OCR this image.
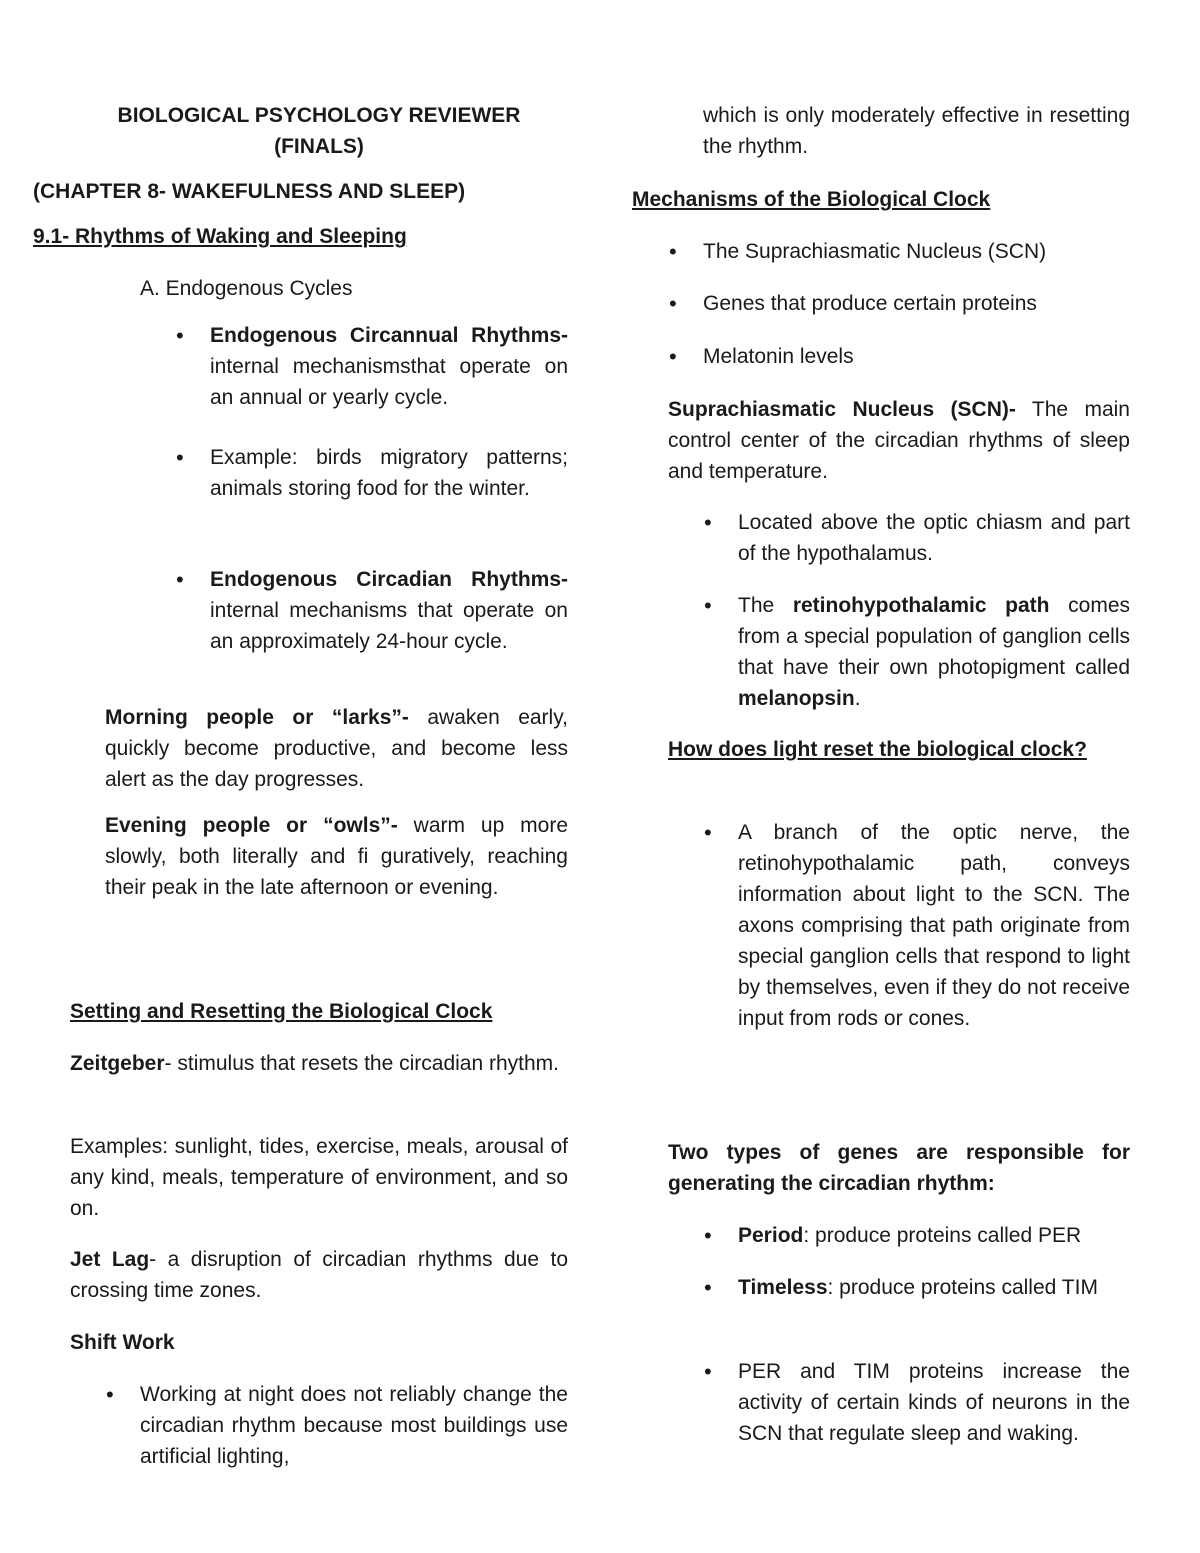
BIOLOGICAL PSYCHOLOGY REVIEWER
(FINALS)
(CHAPTER 8- WAKEFULNESS AND SLEEP)
9.1- Rhythms of Waking and Sleeping
A. Endogenous Cycles
• Endogenous Circannual Rhythms- internal mechanismsthat operate on an annual or yearly cycle.
• Example: birds migratory patterns; animals storing food for the winter.
• Endogenous Circadian Rhythms- internal mechanisms that operate on an approximately 24-hour cycle.
Morning people or “larks”- awaken early, quickly become productive, and become less alert as the day progresses.
Evening people or “owls”- warm up more slowly, both literally and fi guratively, reaching their peak in the late afternoon or evening.
Setting and Resetting the Biological Clock
Zeitgeber- stimulus that resets the circadian rhythm.
Examples: sunlight, tides, exercise, meals, arousal of any kind, meals, temperature of environment, and so on.
Jet Lag- a disruption of circadian rhythms due to crossing time zones.
Shift Work
• Working at night does not reliably change the circadian rhythm because most buildings use artificial lighting,
which is only moderately effective in resetting the rhythm.
Mechanisms of the Biological Clock
• The Suprachiasmatic Nucleus (SCN)
• Genes that produce certain proteins
• Melatonin levels
Suprachiasmatic Nucleus (SCN)- The main control center of the circadian rhythms of sleep and temperature.
• Located above the optic chiasm and part of the hypothalamus.
• The retinohypothalamic path comes from a special population of ganglion cells that have their own photopigment called melanopsin.
How does light reset the biological clock?
• A branch of the optic nerve, the retinohypothalamic path, conveys information about light to the SCN. The axons comprising that path originate from special ganglion cells that respond to light by themselves, even if they do not receive input from rods or cones.
Two types of genes are responsible for generating the circadian rhythm:
• Period: produce proteins called PER
• Timeless: produce proteins called TIM
• PER and TIM proteins increase the activity of certain kinds of neurons in the SCN that regulate sleep and waking.
